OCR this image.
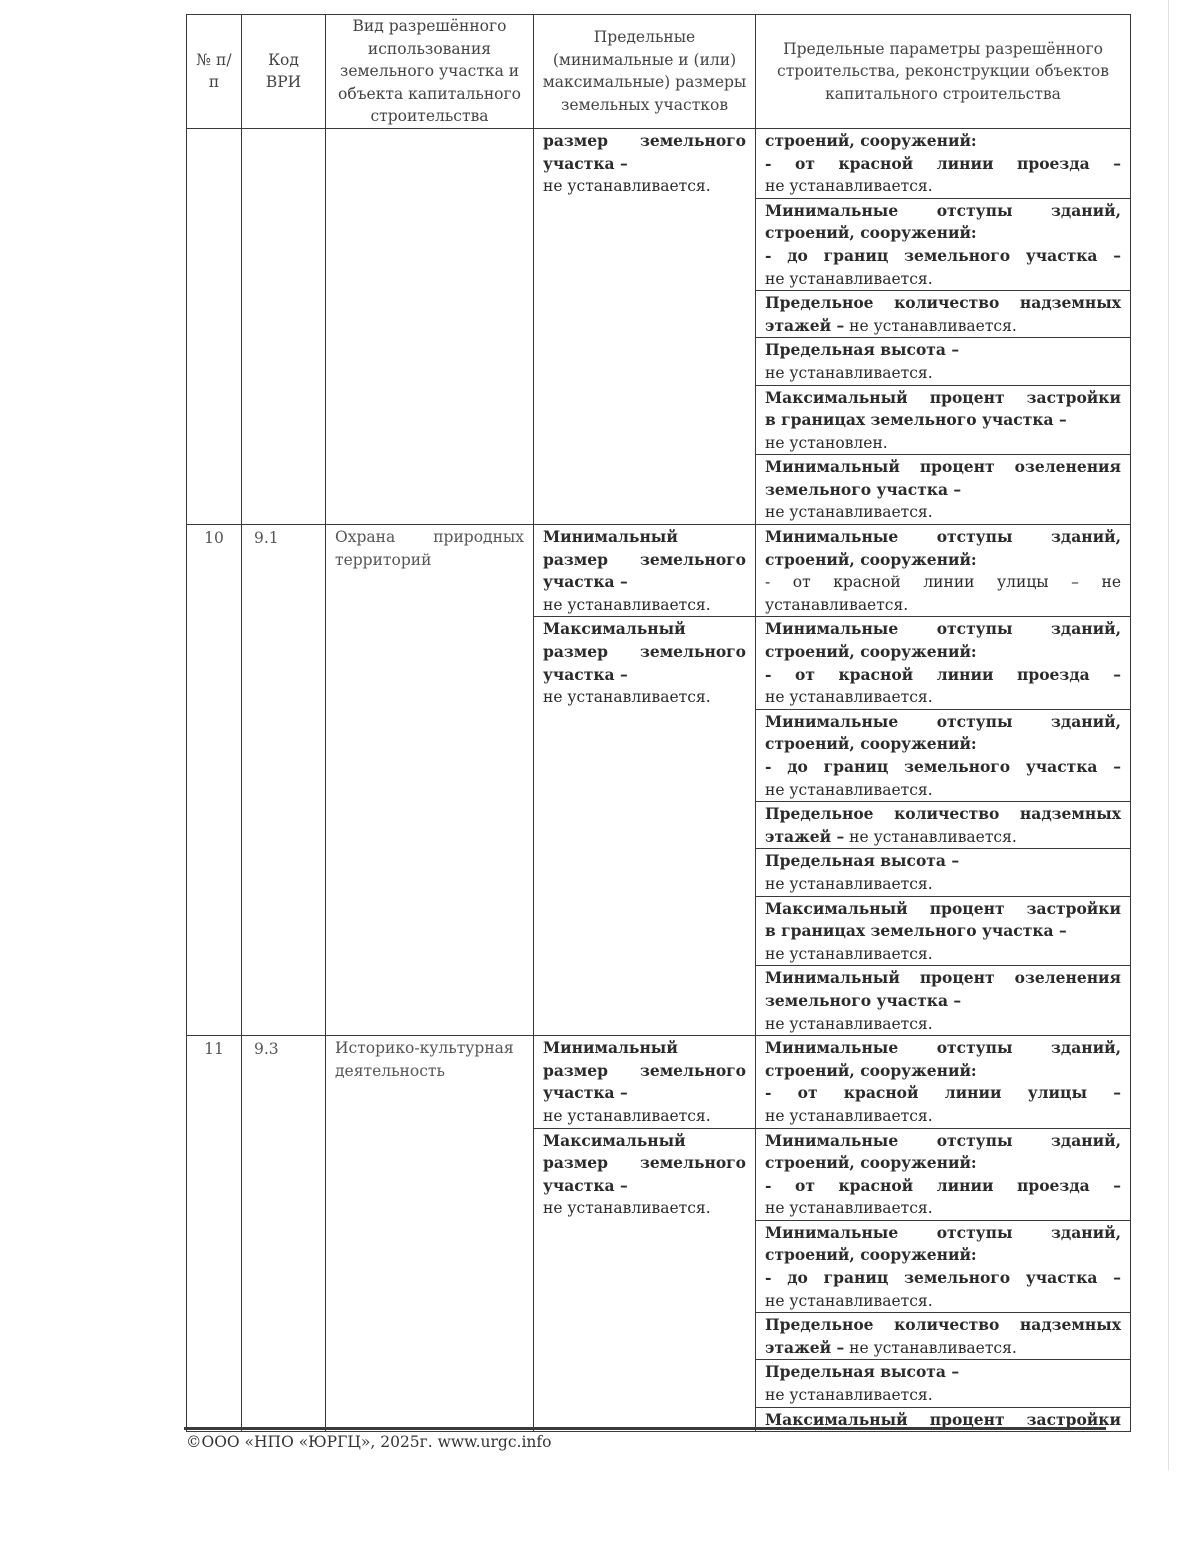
№ п/п	Код ВРИ	Вид разрешённого использования земельного участка и объекта капитального строительства	Предельные (минимальные и (или) максимальные) размеры земельных участков	Предельные параметры разрешённого строительства, реконструкции объектов капитального строительства

			размер земельного
участка –
не устанавливается.	строений, сооружений:
- от красной линии проезда –
не устанавливается.

				Минимальные отступы зданий,
строений, сооружений:
- до границ земельного участка –
не устанавливается.

				Предельное количество надземных
этажей – не устанавливается.

				Предельная высота –
не устанавливается.

				Максимальный процент застройки
в границах земельного участка –
не установлен.

				Минимальный процент озеленения
земельного участка –
не устанавливается.

10	9.1	Охрана природных территорий	Минимальный
размер земельного
участка –
не устанавливается.	Минимальные отступы зданий,
строений, сооружений:
- от красной линии улицы – не
устанавливается.

			Максимальный
размер земельного
участка –
не устанавливается.	Минимальные отступы зданий,
строений, сооружений:
- от красной линии проезда –
не устанавливается.

				Минимальные отступы зданий,
строений, сооружений:
- до границ земельного участка –
не устанавливается.

				Предельное количество надземных
этажей – не устанавливается.

				Предельная высота –
не устанавливается.

				Максимальный процент застройки
в границах земельного участка –
не устанавливается.

				Минимальный процент озеленения
земельного участка –
не устанавливается.

11	9.3	Историко-культурная
деятельность	Минимальный
размер земельного
участка –
не устанавливается.	Минимальные отступы зданий,
строений, сооружений:
- от красной линии улицы –
не устанавливается.

			Максимальный
размер земельного
участка –
не устанавливается.	Минимальные отступы зданий,
строений, сооружений:
- от красной линии проезда –
не устанавливается.

				Минимальные отступы зданий,
строений, сооружений:
- до границ земельного участка –
не устанавливается.

				Предельное количество надземных
этажей – не устанавливается.

				Предельная высота –
не устанавливается.

				Максимальный процент застройки
©ООО «НПО «ЮРГЦ», 2025г. www.urgc.info
